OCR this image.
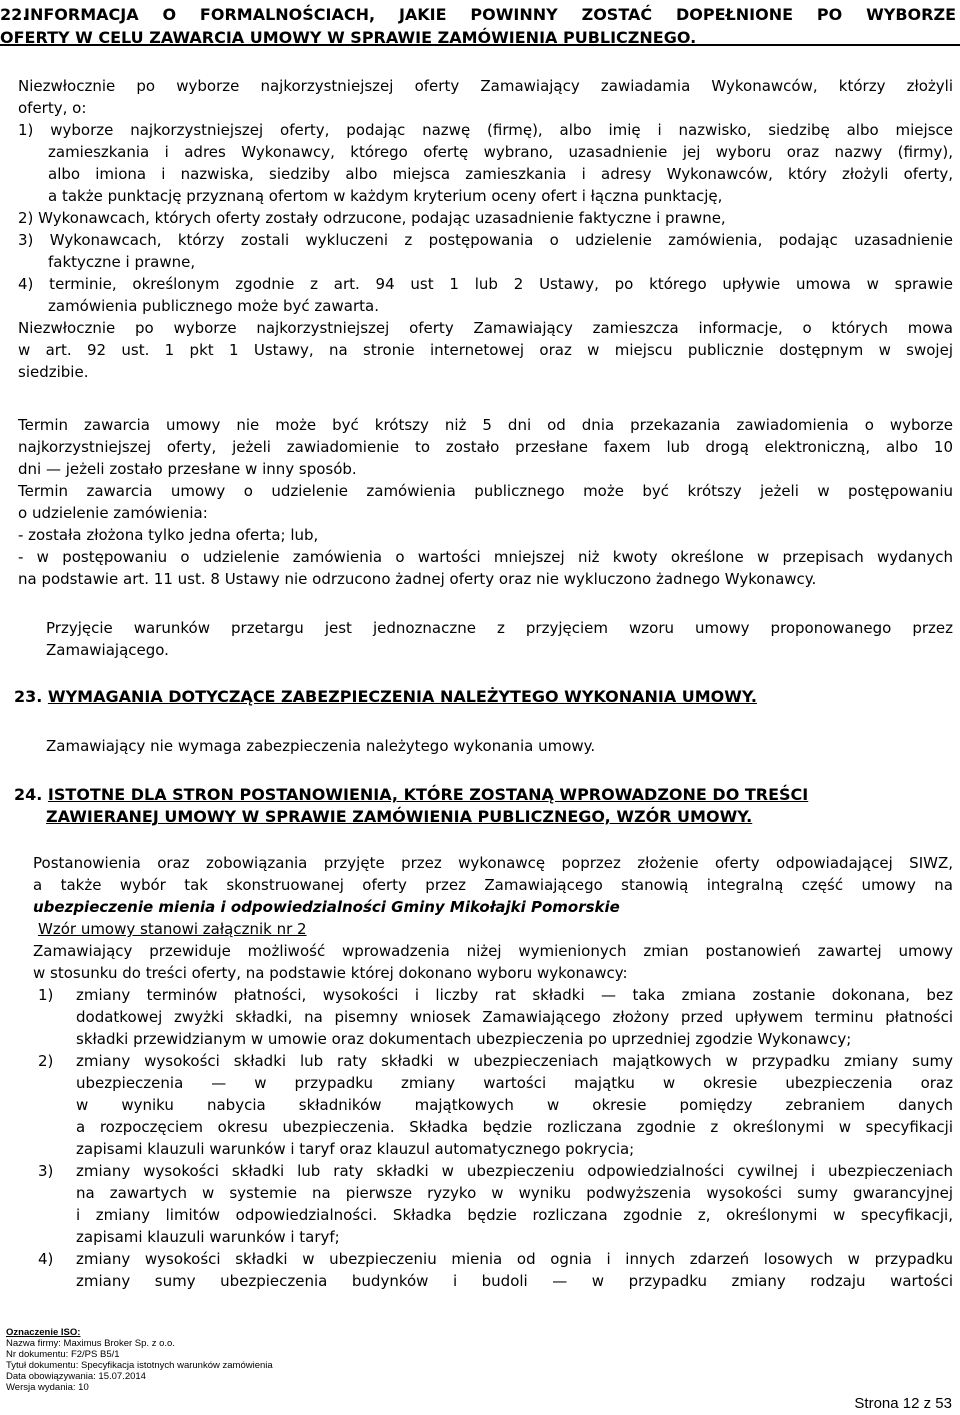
22.
INFORMACJA O FORMALNOŚCIACH, JAKIE POWINNY ZOSTAĆ DOPEŁNIONE PO WYBORZE
OFERTY W CELU ZAWARCIA UMOWY W SPRAWIE ZAMÓWIENIA PUBLICZNEGO.
Niezwłocznie po wyborze najkorzystniejszej oferty Zamawiający zawiadamia Wykonawców, którzy złożyli
oferty, o:
1) wyborze najkorzystniejszej oferty, podając nazwę (firmę), albo imię i nazwisko, siedzibę albo miejsce
zamieszkania i adres Wykonawcy, którego ofertę wybrano, uzasadnienie jej wyboru oraz nazwy (firmy),
albo imiona i nazwiska, siedziby albo miejsca zamieszkania i adresy Wykonawców, który złożyli oferty,
a także punktację przyznaną ofertom w każdym kryterium oceny ofert i łączna punktację,
2) Wykonawcach, których oferty zostały odrzucone, podając uzasadnienie faktyczne i prawne,
3) Wykonawcach, którzy zostali wykluczeni z postępowania o udzielenie zamówienia, podając uzasadnienie
faktyczne i prawne,
4) terminie, określonym zgodnie z art. 94 ust 1 lub 2 Ustawy, po którego upływie umowa w sprawie
zamówienia publicznego może być zawarta.
Niezwłocznie po wyborze najkorzystniejszej oferty Zamawiający zamieszcza informacje, o których mowa
w art. 92 ust. 1 pkt 1 Ustawy, na stronie internetowej oraz w miejscu publicznie dostępnym w swojej
siedzibie.
Termin zawarcia umowy nie może być krótszy niż 5 dni od dnia przekazania zawiadomienia o wyborze
najkorzystniejszej oferty, jeżeli zawiadomienie to zostało przesłane faxem lub drogą elektroniczną, albo 10
dni — jeżeli zostało przesłane w inny sposób.
Termin zawarcia umowy o udzielenie zamówienia publicznego może być krótszy jeżeli w postępowaniu
o udzielenie zamówienia:
- została złożona tylko jedna oferta; lub,
- w postępowaniu o udzielenie zamówienia o wartości mniejszej niż kwoty określone w przepisach wydanych
na podstawie art. 11 ust. 8 Ustawy nie odrzucono żadnej oferty oraz nie wykluczono żadnego Wykonawcy.
Przyjęcie warunków przetargu jest jednoznaczne z przyjęciem wzoru umowy proponowanego przez
Zamawiającego.
23. WYMAGANIA DOTYCZĄCE ZABEZPIECZENIA NALEŻYTEGO WYKONANIA UMOWY.
Zamawiający nie wymaga zabezpieczenia należytego wykonania umowy.
24. ISTOTNE DLA STRON POSTANOWIENIA, KTÓRE ZOSTANĄ WPROWADZONE DO TREŚCI
ZAWIERANEJ UMOWY W SPRAWIE ZAMÓWIENIA PUBLICZNEGO, WZÓR UMOWY.
Postanowienia oraz zobowiązania przyjęte przez wykonawcę poprzez złożenie oferty odpowiadającej SIWZ,
a także wybór tak skonstruowanej oferty przez Zamawiającego stanowią integralną część umowy na
ubezpieczenie mienia i odpowiedzialności Gminy Mikołajki Pomorskie
Wzór umowy stanowi załącznik nr 2
Zamawiający przewiduje możliwość wprowadzenia niżej wymienionych zmian postanowień zawartej umowy
w stosunku do treści oferty, na podstawie której dokonano wyboru wykonawcy:
1) zmiany terminów płatności, wysokości i liczby rat składki — taka zmiana zostanie dokonana, bez
dodatkowej zwyżki składki, na pisemny wniosek Zamawiającego złożony przed upływem terminu płatności
składki przewidzianym w umowie oraz dokumentach ubezpieczenia po uprzedniej zgodzie Wykonawcy;
2) zmiany wysokości składki lub raty składki w ubezpieczeniach majątkowych w przypadku zmiany sumy
ubezpieczenia — w przypadku zmiany wartości majątku w okresie ubezpieczenia oraz
w wyniku nabycia składników majątkowych w okresie pomiędzy zebraniem danych
a rozpoczęciem okresu ubezpieczenia. Składka będzie rozliczana zgodnie z określonymi w specyfikacji
zapisami klauzuli warunków i taryf oraz klauzul automatycznego pokrycia;
3) zmiany wysokości składki lub raty składki w ubezpieczeniu odpowiedzialności cywilnej i ubezpieczeniach
na zawartych w systemie na pierwsze ryzyko w wyniku podwyższenia wysokości sumy gwarancyjnej
i zmiany limitów odpowiedzialności. Składka będzie rozliczana zgodnie z, określonymi w specyfikacji,
zapisami klauzuli warunków i taryf;
4) zmiany wysokości składki w ubezpieczeniu mienia od ognia i innych zdarzeń losowych w przypadku
zmiany sumy ubezpieczenia budynków i budoli — w przypadku zmiany rodzaju wartości
Oznaczenie ISO:
Nazwa firmy: Maximus Broker Sp. z o.o.
Nr dokumentu: F2/PS B5/1
Tytuł dokumentu: Specyfikacja istotnych warunków zamówienia
Data obowiązywania: 15.07.2014
Wersja wydania: 10
Strona 12 z 53
